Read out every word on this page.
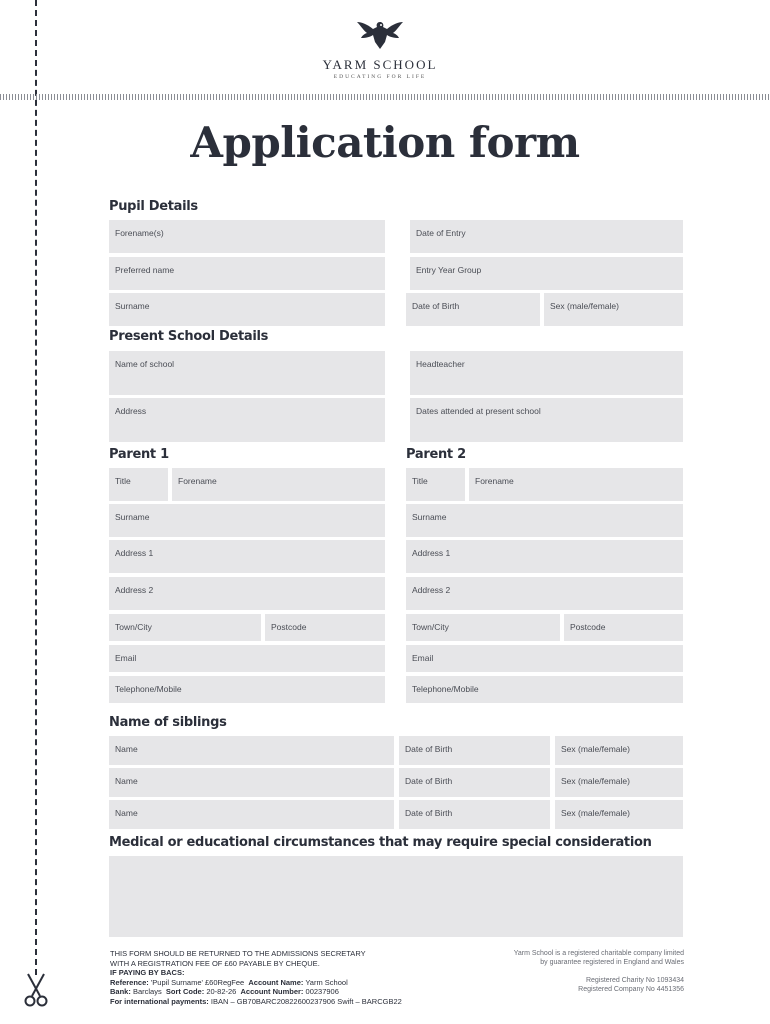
YARM SCHOOL
EDUCATING FOR LIFE
Application form
Pupil Details
Forename(s)	Date of Entry
Preferred name	Entry Year Group
Surname	Date of Birth	Sex (male/female)
Present School Details
Name of school	Headteacher
Address	Dates attended at present school
Parent 1
Title	Forename
Surname
Address 1
Address 2
Town/City	Postcode
Email
Telephone/Mobile
Parent 2
Title	Forename
Surname
Address 1
Address 2
Town/City	Postcode
Email
Telephone/Mobile
Name of siblings
Name	Date of Birth	Sex (male/female)
Name	Date of Birth	Sex (male/female)
Name	Date of Birth	Sex (male/female)
Medical or educational circumstances that may require special consideration
THIS FORM SHOULD BE RETURNED TO THE ADMISSIONS SECRETARY
WITH A REGISTRATION FEE OF £60 PAYABLE BY CHEQUE.
IF PAYING BY BACS:
Reference: 'Pupil Surname' £60RegFee Account Name: Yarm School
Bank: Barclays Sort Code: 20-82-26 Account Number: 00237906
For international payments: IBAN – GB70BARC20822600237906 Swift – BARCGB22
Yarm School is a registered charitable company limited
by guarantee registered in England and Wales
Registered Charity No 1093434
Registered Company No 4451356
